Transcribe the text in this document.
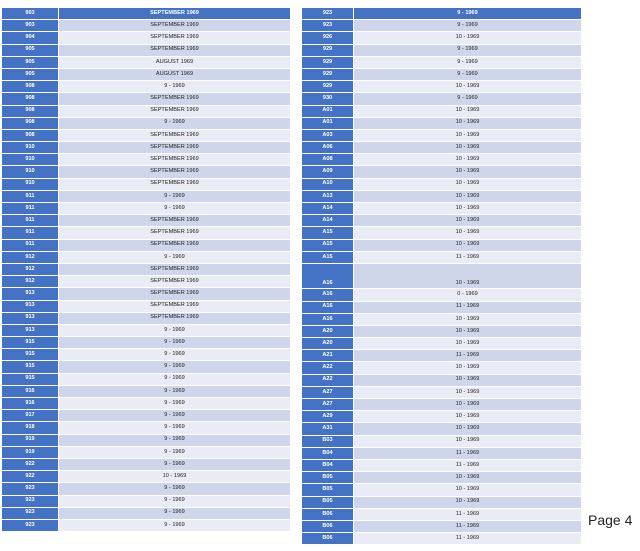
903	SEPTEMBER 1969
903	SEPTEMBER 1969
904	SEPTEMBER 1969
905	SEPTEMBER 1969
905	AUGUST 1969
905	AUGUST 1969
908	9 - 1969
908	SEPTEMBER 1969
908	SEPTEMBER 1969
908	9 - 1969
908	SEPTEMBER 1969
910	SEPTEMBER 1969
910	SEPTEMBER 1969
910	SEPTEMBER 1969
910	SEPTEMBER 1969
911	9 - 1969
911	9 - 1969
911	SEPTEMBER 1969
911	SEPTEMBER 1969
911	SEPTEMBER 1969
912	9 - 1969
912	SEPTEMBER 1969
912	SEPTEMBER 1969
913	SEPTEMBER 1969
913	SEPTEMBER 1969
913	SEPTEMBER 1969
913	9 - 1969
915	9 - 1969
915	9 - 1969
915	9 - 1969
915	9 - 1969
916	9 - 1969
916	9 - 1969
917	9 - 1969
918	9 - 1969
919	9 - 1969
919	9 - 1969
922	9 - 1969
922	10 - 1969
923	9 - 1969
923	9 - 1969
923	9 - 1969
923	9 - 1969
923	9 - 1969
923	9 - 1969
926	10 - 1969
929	9 - 1969
929	9 - 1969
929	9 - 1969
929	10 - 1969
930	9 - 1969
A01	10 - 1969
A01	10 - 1969
A03	10 - 1969
A06	10 - 1969
A08	10 - 1969
A09	10 - 1969
A10	10 - 1969
A13	10 - 1969
A14	10 - 1969
A14	10 - 1969
A15	10 - 1969
A15	10 - 1969
A15	11 - 1969
A16	10 - 1969
A16	0 - 1969
A16	11 - 1969
A16	10 - 1969
A20	10 - 1969
A20	10 - 1969
A21	11 - 1969
A22	10 - 1969
A22	10 - 1969
A27	10 - 1969
A27	10 - 1969
A29	10 - 1969
A31	10 - 1969
B03	10 - 1969
B04	11 - 1969
B04	11 - 1969
B05	10 - 1969
B05	10 - 1969
B05	10 - 1969
B06	11 - 1969
B06	11 - 1969
B06	11 - 1969
Page 4
